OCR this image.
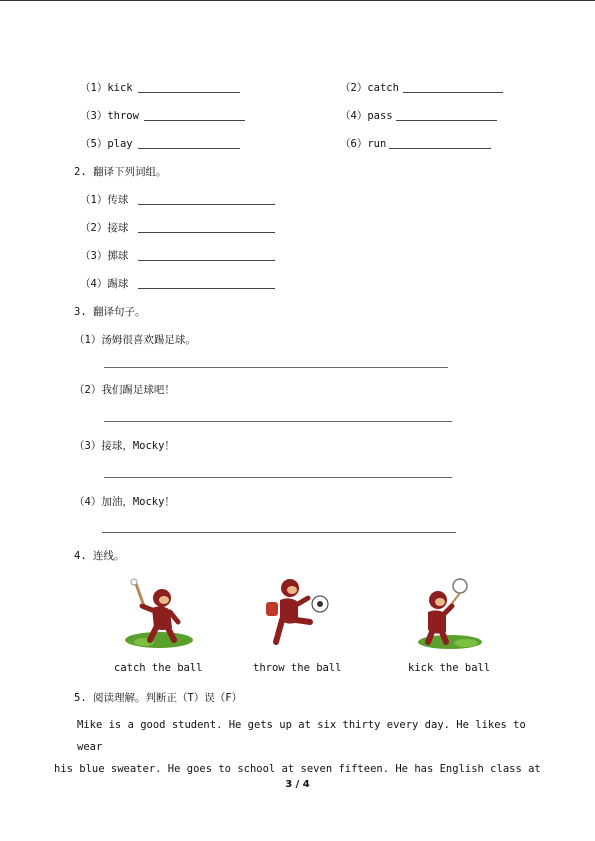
（1）kick	（2）catch
（3）throw	（4）pass
（5）play	（6）run
2. 翻译下列词组。
（1）传球
（2）接球
（3）掷球
（4）踢球
3. 翻译句子。
（1）汤姆很喜欢踢足球。
（2）我们踢足球吧！
（3）接球，Mocky！
（4）加油，Mocky！
4. 连线。
catch the ball	throw the ball	kick the ball
5. 阅读理解。判断正（T）误（F）
Mike is a good student. He gets up at six thirty every day. He likes to wear
his blue sweater. He goes to school at seven fifteen. He has English class at
3 / 4
